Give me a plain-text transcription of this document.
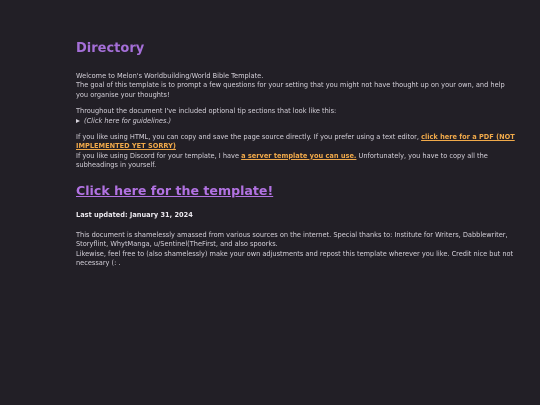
Directory

Welcome to Melon's Worldbuilding/World Bible Template.
The goal of this template is to prompt a few questions for your setting that you might not have thought up on your own, and help you organise your thoughts!

Throughout the document I've included optional tip sections that look like this:

(Click here for guidelines.)

If you like using HTML, you can copy and save the page source directly. If you prefer using a text editor, click here for a PDF (NOT IMPLEMENTED YET SORRY)
If you like using Discord for your template, I have a server template you can use. Unfortunately, you have to copy all the subheadings in yourself.

Click here for the template!

Last updated: January 31, 2024

This document is shamelessly amassed from various sources on the internet. Special thanks to: Institute for Writers, Dabblewriter, Storyflint, WhytManga, u/Sentinel(TheFirst, and also spoorks.
Likewise, feel free to (also shamelessly) make your own adjustments and repost this template wherever you like. Credit nice but not necessary (: .
